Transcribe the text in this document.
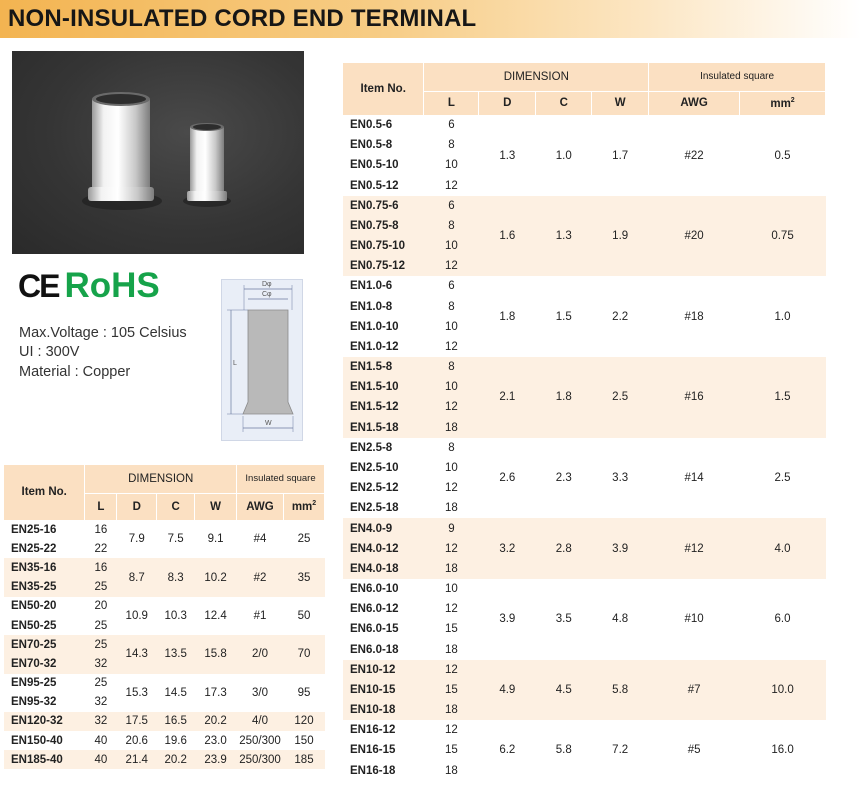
NON-INSULATED CORD END TERMINAL
CE RoHS
Max.Voltage : 105 Celsius
UI : 300V
Material : Copper
Dφ
Cφ
L
W
Item No.	DIMENSION				Insulated square	
	L	D	C	W	AWG	$mm^2$
EN0.5-6	6	1.3	1.0	1.7	#22	0.5
EN0.5-8	8					
EN0.5-10	10					
EN0.5-12	12					
EN0.75-6	6	1.6	1.3	1.9	#20	0.75
EN0.75-8	8					
EN0.75-10	10					
EN0.75-12	12					
EN1.0-6	6	1.8	1.5	2.2	#18	1.0
EN1.0-8	8					
EN1.0-10	10					
EN1.0-12	12					
EN1.5-8	8	2.1	1.8	2.5	#16	1.5
EN1.5-10	10					
EN1.5-12	12					
EN1.5-18	18					
EN2.5-8	8	2.6	2.3	3.3	#14	2.5
EN2.5-10	10					
EN2.5-12	12					
EN2.5-18	18					
EN4.0-9	9	3.2	2.8	3.9	#12	4.0
EN4.0-12	12					
EN4.0-18	18					
EN6.0-10	10	3.9	3.5	4.8	#10	6.0
EN6.0-12	12					
EN6.0-15	15					
EN6.0-18	18					
EN10-12	12	4.9	4.5	5.8	#7	10.0
EN10-15	15					
EN10-18	18					
EN16-12	12	6.2	5.8	7.2	#5	16.0
EN16-15	15					
EN16-18	18					
Item No.	DIMENSION				Insulated square	
	L	D	C	W	AWG	$mm^2$
EN25-16	16	7.9	7.5	9.1	#4	25
EN25-22	22					
EN35-16	16	8.7	8.3	10.2	#2	35
EN35-25	25					
EN50-20	20	10.9	10.3	12.4	#1	50
EN50-25	25					
EN70-25	25	14.3	13.5	15.8	2/0	70
EN70-32	32					
EN95-25	25	15.3	14.5	17.3	3/0	95
EN95-32	32					
EN120-32	32	17.5	16.5	20.2	4/0	120
EN150-40	40	20.6	19.6	23.0	250/300	150
EN185-40	40	21.4	20.2	23.9	250/300	185
